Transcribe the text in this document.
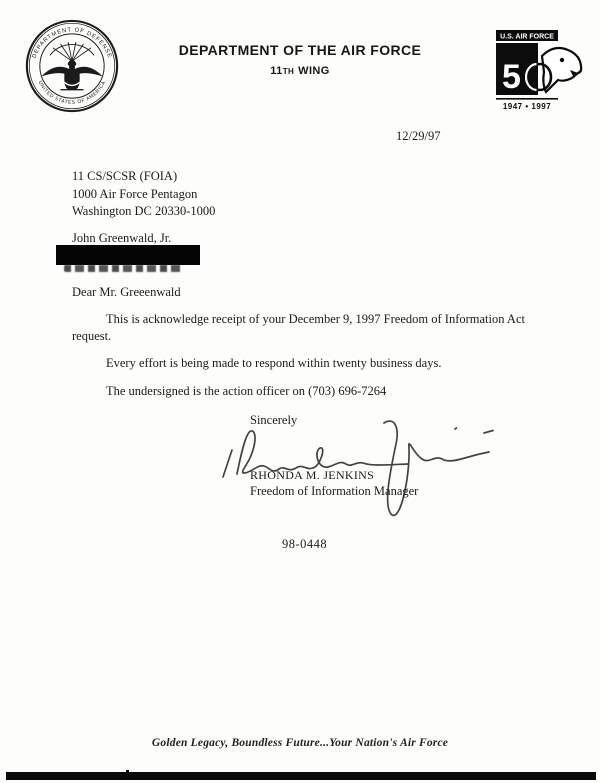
DEPARTMENT OF DEFENSE
UNITED STATES OF AMERICA
DEPARTMENT OF THE AIR FORCE
11TH WING
U.S. AIR FORCE
5
1947 • 1997
12/29/97
11 CS/SCSR (FOIA)
1000 Air Force Pentagon
Washington DC 20330-1000
John Greenwald, Jr.
Dear Mr. Greeenwald
This is acknowledge receipt of your December 9, 1997 Freedom of Information Act request.
Every effort is being made to respond within twenty business days.
The undersigned is the action officer on (703) 696-7264
Sincerely
RHONDA M. JENKINS
Freedom of Information Manager
98-0448
Golden Legacy, Boundless Future...Your Nation's Air Force
